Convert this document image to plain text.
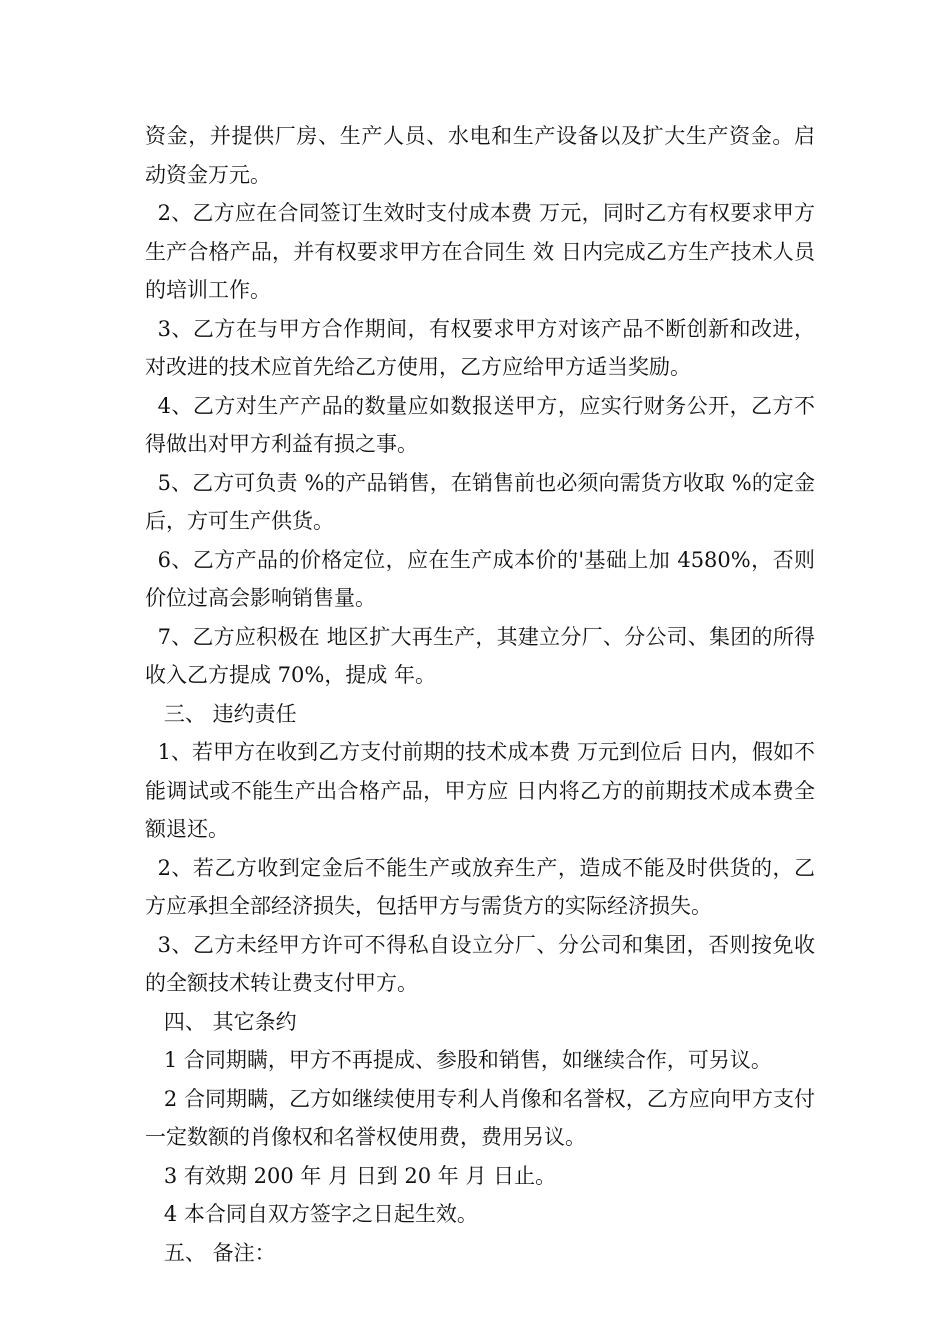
资金，并提供厂房、生产人员、水电和生产设备以及扩大生产资金。启动资金万元。

2、乙方应在合同签订生效时支付成本费 万元，同时乙方有权要求甲方生产合格产品，并有权要求甲方在合同生 效 日内完成乙方生产技术人员的培训工作。

3、乙方在与甲方合作期间，有权要求甲方对该产品不断创新和改进，对改进的技术应首先给乙方使用，乙方应给甲方适当奖励。

4、乙方对生产产品的数量应如数报送甲方，应实行财务公开，乙方不得做出对甲方利益有损之事。

5、乙方可负责 %的产品销售，在销售前也必须向需货方收取 %的定金后，方可生产供货。

6、乙方产品的价格定位，应在生产成本价的'基础上加 4580%，否则价位过高会影响销售量。

7、乙方应积极在 地区扩大再生产，其建立分厂、分公司、集团的所得收入乙方提成 70%，提成 年。

三、 违约责任

1、若甲方在收到乙方支付前期的技术成本费 万元到位后 日内，假如不能调试或不能生产出合格产品，甲方应 日内将乙方的前期技术成本费全额退还。

2、若乙方收到定金后不能生产或放弃生产，造成不能及时供货的，乙方应承担全部经济损失，包括甲方与需货方的实际经济损失。

3、乙方未经甲方许可不得私自设立分厂、分公司和集团，否则按免收的全额技术转让费支付甲方。

四、 其它条约

1 合同期瞒，甲方不再提成、参股和销售，如继续合作，可另议。

2 合同期瞒，乙方如继续使用专利人肖像和名誉权，乙方应向甲方支付一定数额的肖像权和名誉权使用费，费用另议。

3 有效期 200 年 月 日到 20 年 月 日止。

4 本合同自双方签字之日起生效。

五、 备注：
